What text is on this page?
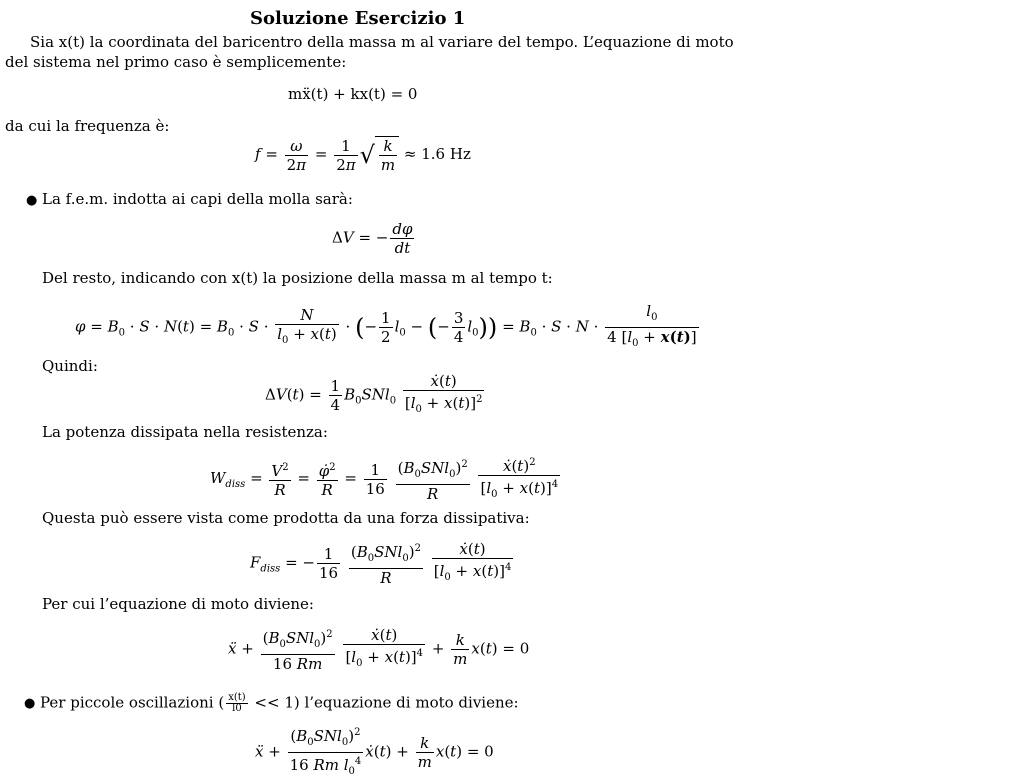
Soluzione Esercizio 1
Sia x(t) la coordinata del baricentro della massa m al variare del tempo. L’equazione di moto
del sistema nel primo caso è semplicemente:
mẍ(t) + kx(t) = 0
da cui la frequenza è:
$f = \frac{\omega}{2\pi} = \frac{1}{2\pi}$ √ $\frac{k}{m} \approx 1.6$ Hz
● La f.e.m. indotta ai capi della molla sarà:
ΔV = − $\frac{d\varphi}{dt}$
Del resto, indicando con x(t) la posizione della massa m al tempo t:
$\varphi = B_0 \cdot S \cdot N(t) = B_0 \cdot S \cdot \frac{N}{l_0 + x(t)}$ · (− $\frac{1}{2} l_0$ − (− $\frac{3}{4} l_0)) = B_0 \cdot S \cdot N \cdot \frac{l_0}{4 [l_0 + x(t)]}$
Quindi:
$\Delta V(t) = \frac{1}{4} B_0SNl_0 \frac{\text{ẋ(t)}}{[l_0 + x(t)]^2}$
La potenza dissipata nella resistenza:
$W_{diss} = \frac{V^2}{R} = \frac{\varphi̇^2}{R} = \frac{1}{16}$
$\frac{(B_0SNl_0)^2}{R}$
$\frac{ẋ(t)^2}{[l_0 + x(t)]^4}$
Questa può essere vista come prodotta da una forza dissipativa:
$F_{diss}$ = − $\frac{1}{16}$
$\frac{(B_0SNl_0)^2}{R}$
$\frac{\text{ẋ(t)}}{[l_0 + x(t)]^4}$
Per cui l’equazione di moto diviene:
ẍ + $\frac{(B_0SNl_0)^2}{16 Rm}$
$\frac{\text{ẋ(t)}}{[l_0 + x(t)]^4} + \frac{k}{m} x(t) = 0$
● Per piccole oscillazioni ( $\frac{x(t)}{l0} << 1$) l’equazione di moto diviene:
ẍ + $\frac{(B_0SNl_0)^2}{16 Rm l_0^4}$ ẋ(t) + $\frac{k}{m} x(t) = 0$
